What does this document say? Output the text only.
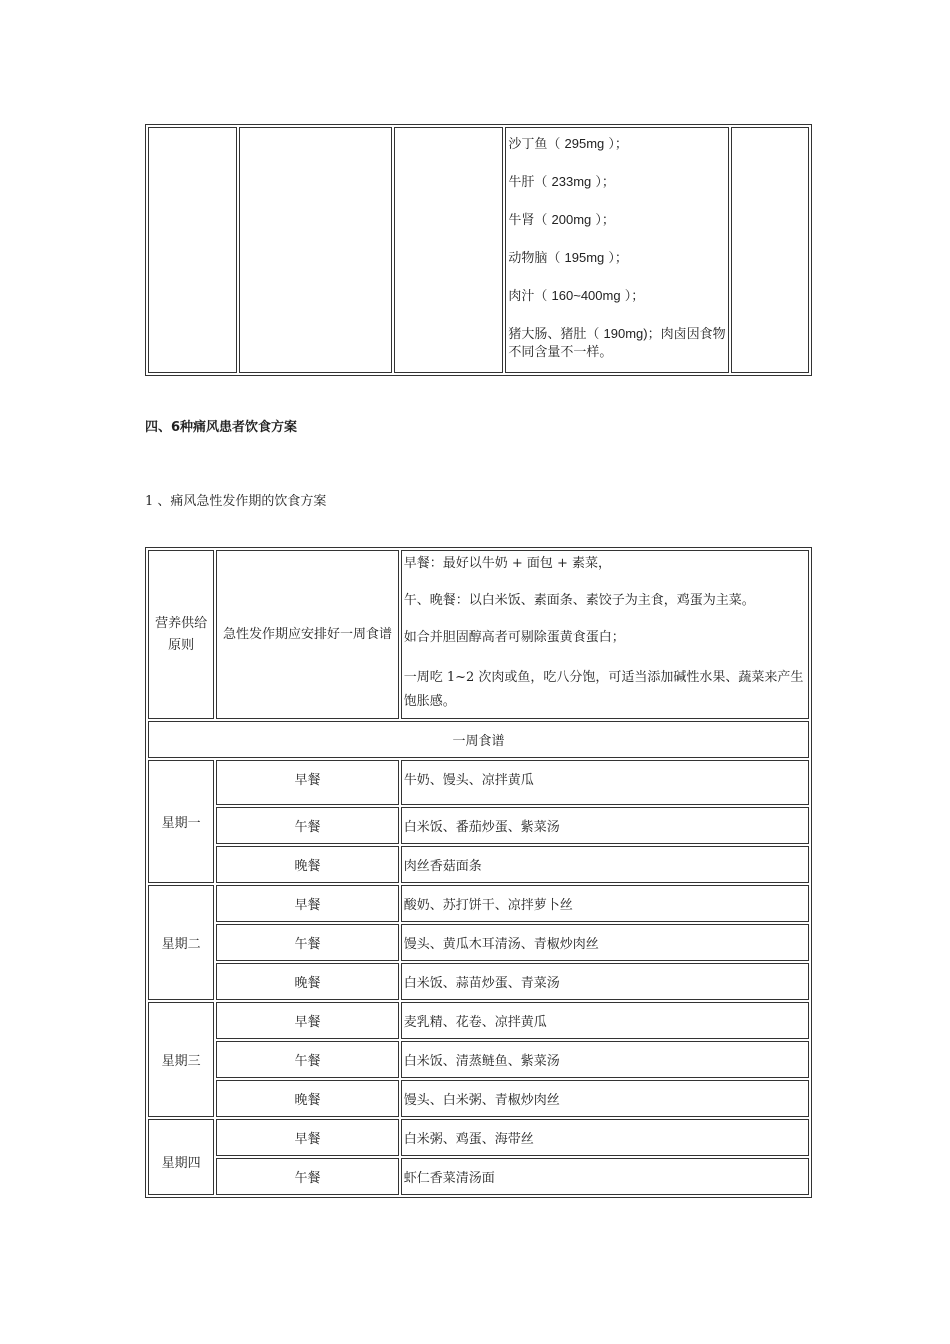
沙丁鱼（ 295mg ）；
牛肝（ 233mg ）；
牛肾（ 200mg ）；
动物脑（ 195mg ）；
肉汁（ 160~400mg ）；
猪大肠、猪肚（ 190mg)；肉卤因食物不同含量不一样。

四、6种痛风患者饮食方案
1 、痛风急性发作期的饮食方案
营养供给原则	急性发作期应安排好一周食谱	早餐：最好以牛奶 + 面包 + 素菜，
午、晚餐：以白米饭、素面条、素饺子为主食，鸡蛋为主菜。
如合并胆固醇高者可剔除蛋黄食蛋白；
一周吃 1~2 次肉或鱼，吃八分饱，可适当添加碱性水果、蔬菜来产生饱胀感。

一周食谱		
星期一	早餐	牛奶、馒头、凉拌黄瓜
	午餐	白米饭、番茄炒蛋、紫菜汤
	晚餐	肉丝香菇面条
星期二	早餐	酸奶、苏打饼干、凉拌萝卜丝
	午餐	馒头、黄瓜木耳清汤、青椒炒肉丝
	晚餐	白米饭、蒜苗炒蛋、青菜汤
星期三	早餐	麦乳精、花卷、凉拌黄瓜
	午餐	白米饭、清蒸鲢鱼、紫菜汤
	晚餐	馒头、白米粥、青椒炒肉丝
星期四	早餐	白米粥、鸡蛋、海带丝
	午餐	虾仁香菜清汤面
